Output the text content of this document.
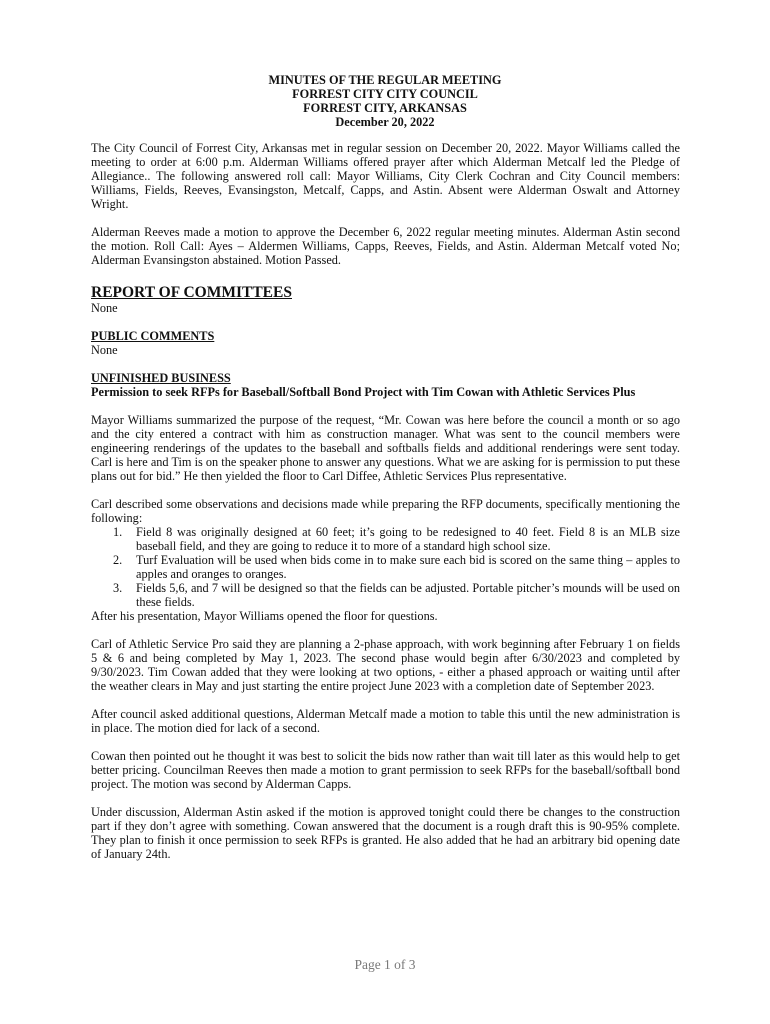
MINUTES OF THE REGULAR MEETING
FORREST CITY CITY COUNCIL
FORREST CITY, ARKANSAS
December 20, 2022

The City Council of Forrest City, Arkansas met in regular session on December 20, 2022. Mayor Williams called the meeting to order at 6:00 p.m. Alderman Williams offered prayer after which Alderman Metcalf led the Pledge of Allegiance.. The following answered roll call: Mayor Williams, City Clerk Cochran and City Council members: Williams, Fields, Reeves, Evansingston, Metcalf, Capps, and Astin. Absent were Alderman Oswalt and Attorney Wright.

Alderman Reeves made a motion to approve the December 6, 2022 regular meeting minutes. Alderman Astin second the motion. Roll Call: Ayes – Aldermen Williams, Capps, Reeves, Fields, and Astin. Alderman Metcalf voted No; Alderman Evansingston abstained. Motion Passed.

REPORT OF COMMITTEES
None
PUBLIC COMMENTS
None
UNFINISHED BUSINESS
Permission to seek RFPs for Baseball/Softball Bond Project with Tim Cowan with Athletic Services Plus

Mayor Williams summarized the purpose of the request, “Mr. Cowan was here before the council a month or so ago and the city entered a contract with him as construction manager. What was sent to the council members were engineering renderings of the updates to the baseball and softballs fields and additional renderings were sent today. Carl is here and Tim is on the speaker phone to answer any questions. What we are asking for is permission to put these plans out for bid.” He then yielded the floor to Carl Diffee, Athletic Services Plus representative.

Carl described some observations and decisions made while preparing the RFP documents, specifically mentioning the following:

1. Field 8 was originally designed at 60 feet; it’s going to be redesigned to 40 feet. Field 8 is an MLB size baseball field, and they are going to reduce it to more of a standard high school size.
2. Turf Evaluation will be used when bids come in to make sure each bid is scored on the same thing – apples to apples and oranges to oranges.
3. Fields 5,6, and 7 will be designed so that the fields can be adjusted. Portable pitcher’s mounds will be used on these fields.

After his presentation, Mayor Williams opened the floor for questions.

Carl of Athletic Service Pro said they are planning a 2-phase approach, with work beginning after February 1 on fields 5 & 6 and being completed by May 1, 2023. The second phase would begin after 6/30/2023 and completed by 9/30/2023. Tim Cowan added that they were looking at two options, - either a phased approach or waiting until after the weather clears in May and just starting the entire project June 2023 with a completion date of September 2023.

After council asked additional questions, Alderman Metcalf made a motion to table this until the new administration is in place. The motion died for lack of a second.

Cowan then pointed out he thought it was best to solicit the bids now rather than wait till later as this would help to get better pricing. Councilman Reeves then made a motion to grant permission to seek RFPs for the baseball/softball bond project. The motion was second by Alderman Capps.

Under discussion, Alderman Astin asked if the motion is approved tonight could there be changes to the construction part if they don’t agree with something. Cowan answered that the document is a rough draft this is 90-95% complete. They plan to finish it once permission to seek RFPs is granted. He also added that he had an arbitrary bid opening date of January 24th.

Page 1 of 3
